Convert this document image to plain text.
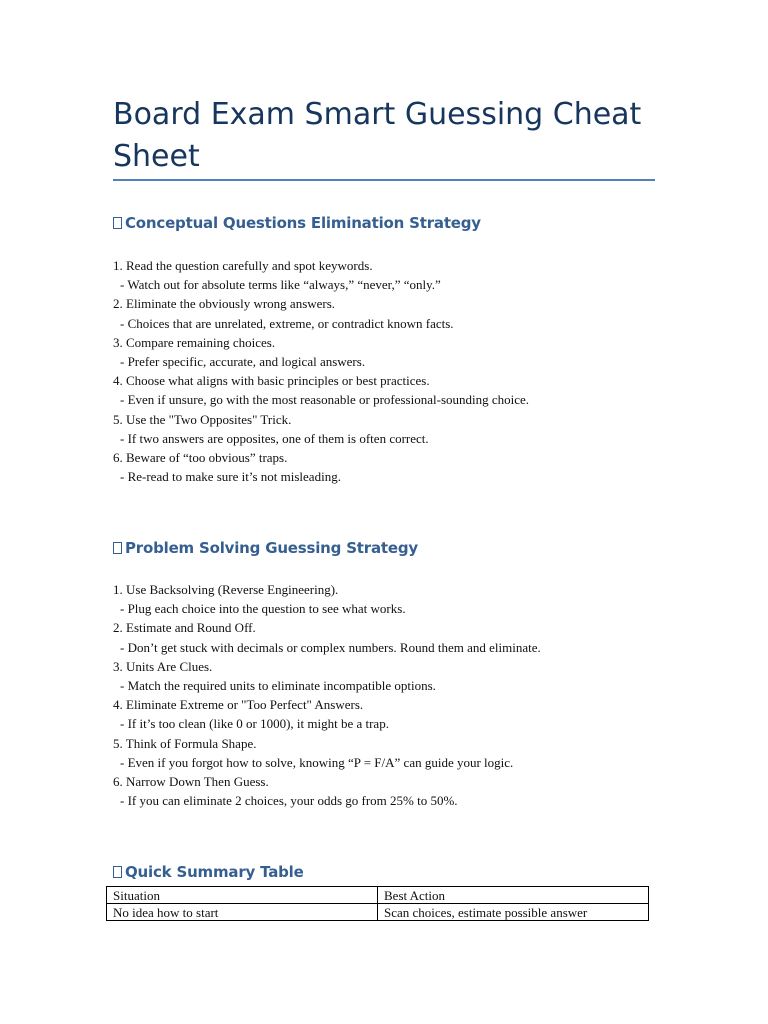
Board Exam Smart Guessing Cheat Sheet
Conceptual Questions Elimination Strategy
1. Read the question carefully and spot keywords.
- Watch out for absolute terms like “always,” “never,” “only.”
2. Eliminate the obviously wrong answers.
- Choices that are unrelated, extreme, or contradict known facts.
3. Compare remaining choices.
- Prefer specific, accurate, and logical answers.
4. Choose what aligns with basic principles or best practices.
- Even if unsure, go with the most reasonable or professional-sounding choice.
5. Use the "Two Opposites" Trick.
- If two answers are opposites, one of them is often correct.
6. Beware of “too obvious” traps.
- Re-read to make sure it’s not misleading.
Problem Solving Guessing Strategy
1. Use Backsolving (Reverse Engineering).
- Plug each choice into the question to see what works.
2. Estimate and Round Off.
- Don’t get stuck with decimals or complex numbers. Round them and eliminate.
3. Units Are Clues.
- Match the required units to eliminate incompatible options.
4. Eliminate Extreme or "Too Perfect" Answers.
- If it’s too clean (like 0 or 1000), it might be a trap.
5. Think of Formula Shape.
- Even if you forgot how to solve, knowing “P = F/A” can guide your logic.
6. Narrow Down Then Guess.
- If you can eliminate 2 choices, your odds go from 25% to 50%.
Quick Summary Table
Situation	Best Action
No idea how to start	Scan choices, estimate possible answer
